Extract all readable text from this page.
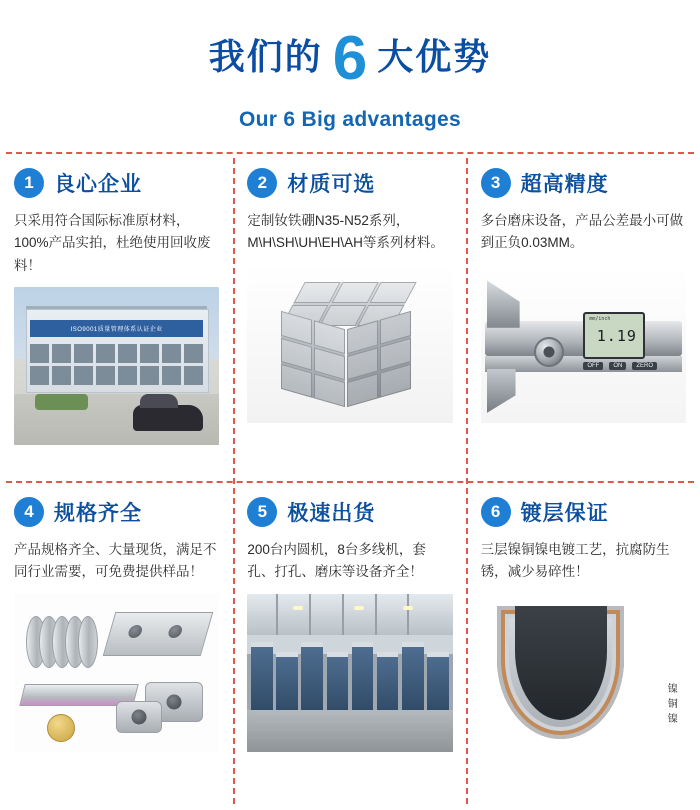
我们的 6 大优势
Our 6 Big advantages
1 良心企业
只采用符合国际标准原材料，100%产品实拍，杜绝使用回收废料！
ISO9001质量管理体系认证企业
2 材质可选
定制钕铁硼N35-N52系列，M\H\SH\UH\EH\AH等系列材料。
3 超高精度
多台磨床设备，产品公差最小可做到正负0.03MM。
mm/inch
1.19
OFF	ON	ZERO
4 规格齐全
产品规格齐全、大量现货，满足不同行业需要，可免费提供样品！
5 极速出货
200台内圆机，8台多线机，套孔、打孔、磨床等设备齐全！
6 镀层保证
三层镍铜镍电镀工艺，抗腐防生锈，减少易碎性！
镍
铜
镍
